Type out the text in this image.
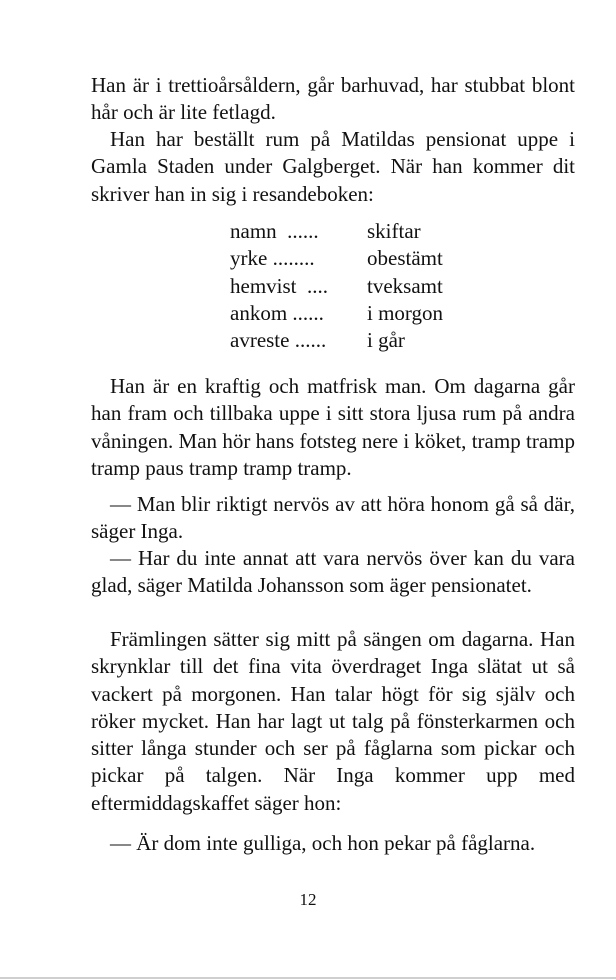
Han är i trettioårsåldern, går barhuvad, har stubbat blont hår och är lite fetlagd.

Han har beställt rum på Matildas pensionat uppe i Gamla Staden under Galgberget. När han kommer dit skriver han in sig i resandeboken:

namn  ......	skiftar
yrke ........	obestämt
hemvist  ....	tveksamt
ankom ......	i morgon
avreste ......	i går

Han är en kraftig och matfrisk man. Om dagarna går han fram och tillbaka uppe i sitt stora ljusa rum på andra våningen. Man hör hans fotsteg nere i köket, tramp tramp tramp paus tramp tramp tramp.

— Man blir riktigt nervös av att höra honom gå så där, säger Inga.

— Har du inte annat att vara nervös över kan du vara glad, säger Matilda Johansson som äger pensionatet.

Främlingen sätter sig mitt på sängen om dagarna. Han skrynklar till det fina vita överdraget Inga slätat ut så vackert på morgonen. Han talar högt för sig själv och röker mycket. Han har lagt ut talg på fönsterkarmen och sitter långa stunder och ser på fåglarna som pickar och pickar på talgen. När Inga kommer upp med eftermiddagskaffet säger hon:

— Är dom inte gulliga, och hon pekar på fåglarna.

12
